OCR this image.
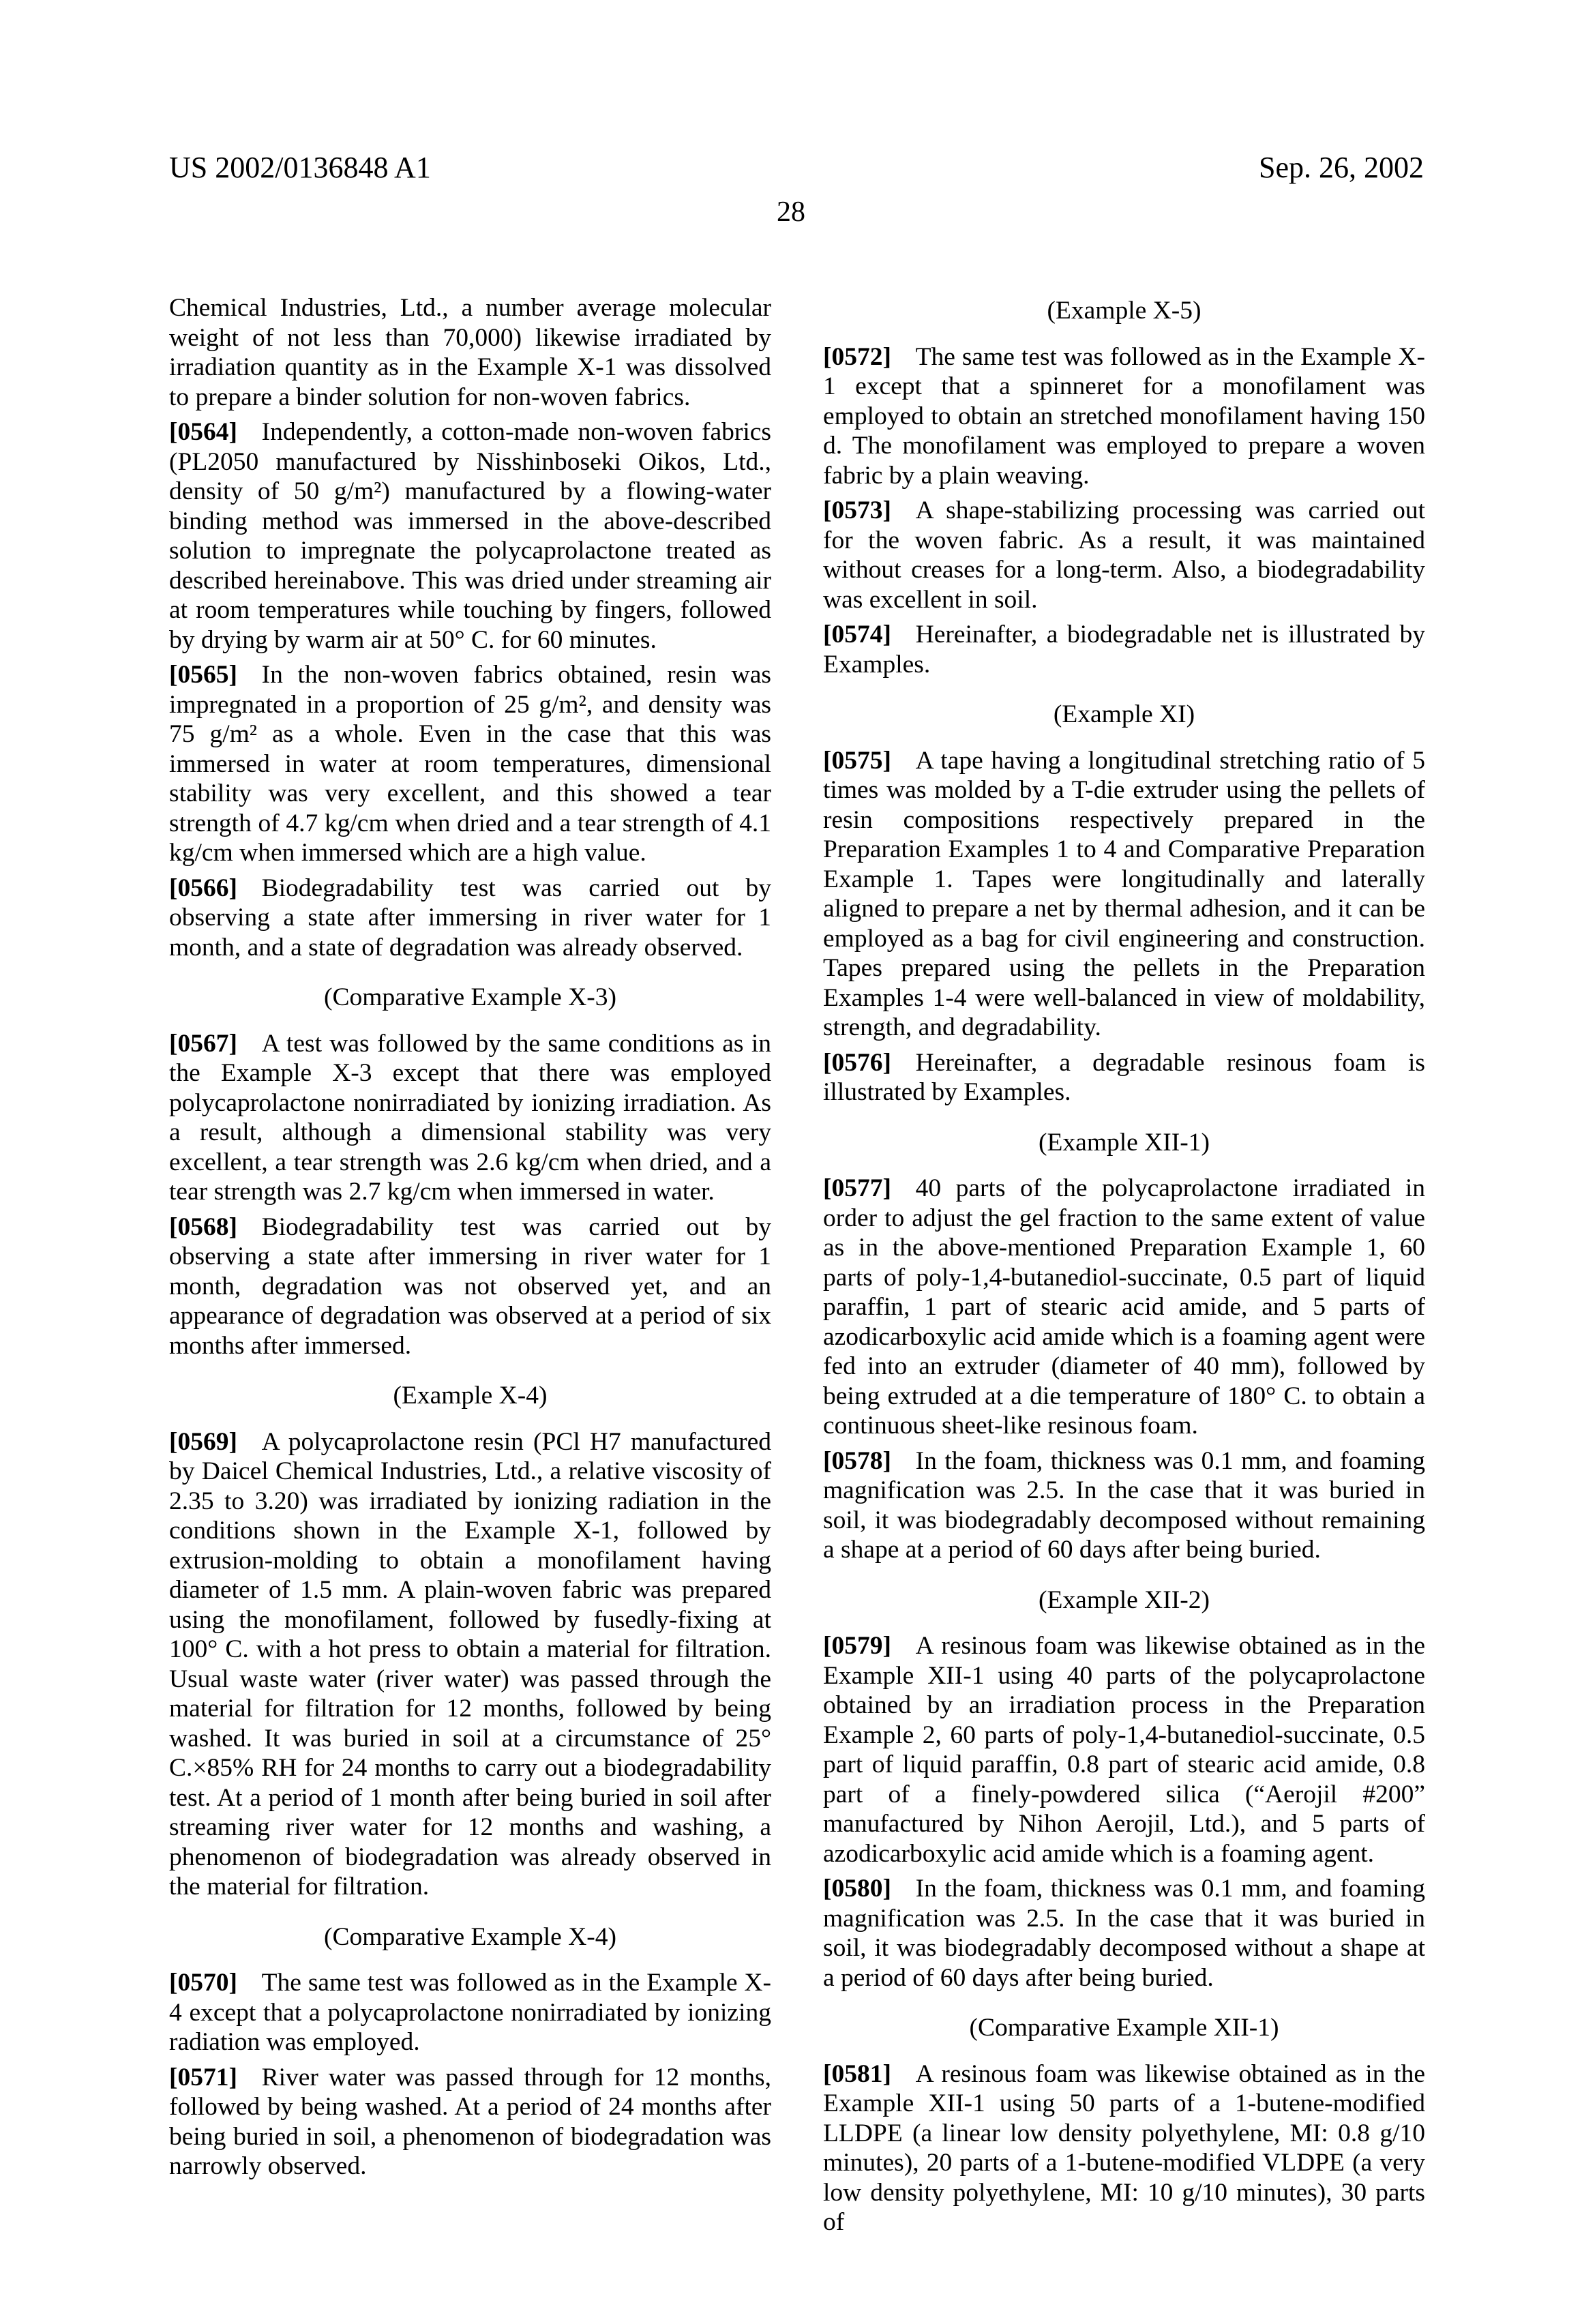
US 2002/0136848 A1	Sep. 26, 2002
28

Chemical Industries, Ltd., a number average molecular weight of not less than 70,000) likewise irradiated by irradiation quantity as in the Example X-1 was dissolved to prepare a binder solution for non-woven fabrics.

[0564] Independently, a cotton-made non-woven fabrics (PL2050 manufactured by Nisshinboseki Oikos, Ltd., density of 50 g/m²) manufactured by a flowing-water binding method was immersed in the above-described solution to impregnate the polycaprolactone treated as described hereinabove. This was dried under streaming air at room temperatures while touching by fingers, followed by drying by warm air at 50° C. for 60 minutes.

[0565] In the non-woven fabrics obtained, resin was impregnated in a proportion of 25 g/m², and density was 75 g/m² as a whole. Even in the case that this was immersed in water at room temperatures, dimensional stability was very excellent, and this showed a tear strength of 4.7 kg/cm when dried and a tear strength of 4.1 kg/cm when immersed which are a high value.

[0566] Biodegradability test was carried out by observing a state after immersing in river water for 1 month, and a state of degradation was already observed.

(Comparative Example X-3)

[0567] A test was followed by the same conditions as in the Example X-3 except that there was employed polycaprolactone nonirradiated by ionizing irradiation. As a result, although a dimensional stability was very excellent, a tear strength was 2.6 kg/cm when dried, and a tear strength was 2.7 kg/cm when immersed in water.

[0568] Biodegradability test was carried out by observing a state after immersing in river water for 1 month, degradation was not observed yet, and an appearance of degradation was observed at a period of six months after immersed.

(Example X-4)

[0569] A polycaprolactone resin (PCl H7 manufactured by Daicel Chemical Industries, Ltd., a relative viscosity of 2.35 to 3.20) was irradiated by ionizing radiation in the conditions shown in the Example X-1, followed by extrusion-molding to obtain a monofilament having diameter of 1.5 mm. A plain-woven fabric was prepared using the monofilament, followed by fusedly-fixing at 100° C. with a hot press to obtain a material for filtration. Usual waste water (river water) was passed through the material for filtration for 12 months, followed by being washed. It was buried in soil at a circumstance of 25° C.×85% RH for 24 months to carry out a biodegradability test. At a period of 1 month after being buried in soil after streaming river water for 12 months and washing, a phenomenon of biodegradation was already observed in the material for filtration.

(Comparative Example X-4)

[0570] The same test was followed as in the Example X-4 except that a polycaprolactone nonirradiated by ionizing radiation was employed.

[0571] River water was passed through for 12 months, followed by being washed. At a period of 24 months after being buried in soil, a phenomenon of biodegradation was narrowly observed.

(Example X-5)

[0572] The same test was followed as in the Example X-1 except that a spinneret for a monofilament was employed to obtain an stretched monofilament having 150 d. The monofilament was employed to prepare a woven fabric by a plain weaving.

[0573] A shape-stabilizing processing was carried out for the woven fabric. As a result, it was maintained without creases for a long-term. Also, a biodegradability was excellent in soil.

[0574] Hereinafter, a biodegradable net is illustrated by Examples.

(Example XI)

[0575] A tape having a longitudinal stretching ratio of 5 times was molded by a T-die extruder using the pellets of resin compositions respectively prepared in the Preparation Examples 1 to 4 and Comparative Preparation Example 1. Tapes were longitudinally and laterally aligned to prepare a net by thermal adhesion, and it can be employed as a bag for civil engineering and construction. Tapes prepared using the pellets in the Preparation Examples 1-4 were well-balanced in view of moldability, strength, and degradability.

[0576] Hereinafter, a degradable resinous foam is illustrated by Examples.

(Example XII-1)

[0577] 40 parts of the polycaprolactone irradiated in order to adjust the gel fraction to the same extent of value as in the above-mentioned Preparation Example 1, 60 parts of poly-1,4-butanediol-succinate, 0.5 part of liquid paraffin, 1 part of stearic acid amide, and 5 parts of azodicarboxylic acid amide which is a foaming agent were fed into an extruder (diameter of 40 mm), followed by being extruded at a die temperature of 180° C. to obtain a continuous sheet-like resinous foam.

[0578] In the foam, thickness was 0.1 mm, and foaming magnification was 2.5. In the case that it was buried in soil, it was biodegradably decomposed without remaining a shape at a period of 60 days after being buried.

(Example XII-2)

[0579] A resinous foam was likewise obtained as in the Example XII-1 using 40 parts of the polycaprolactone obtained by an irradiation process in the Preparation Example 2, 60 parts of poly-1,4-butanediol-succinate, 0.5 part of liquid paraffin, 0.8 part of stearic acid amide, 0.8 part of a finely-powdered silica (“Aerojil #200” manufactured by Nihon Aerojil, Ltd.), and 5 parts of azodicarboxylic acid amide which is a foaming agent.

[0580] In the foam, thickness was 0.1 mm, and foaming magnification was 2.5. In the case that it was buried in soil, it was biodegradably decomposed without a shape at a period of 60 days after being buried.

(Comparative Example XII-1)

[0581] A resinous foam was likewise obtained as in the Example XII-1 using 50 parts of a 1-butene-modified LLDPE (a linear low density polyethylene, MI: 0.8 g/10 minutes), 20 parts of a 1-butene-modified VLDPE (a very low density polyethylene, MI: 10 g/10 minutes), 30 parts of
